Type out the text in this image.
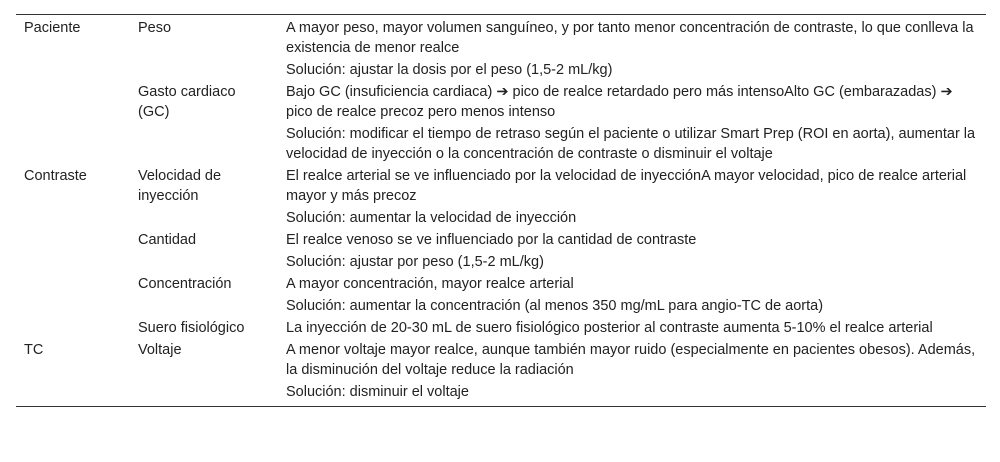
Paciente	Peso	A mayor peso, mayor volumen sanguíneo, y por tanto menor concentración de contraste, lo que conlleva la existencia de menor realce
		Solución: ajustar la dosis por el peso (1,5-2 mL/kg)
	Gasto cardiaco (GC)	Bajo GC (insuficiencia cardiaca) ➔ pico de realce retardado pero más intensoAlto GC (embarazadas) ➔ pico de realce precoz pero menos intenso
		Solución: modificar el tiempo de retraso según el paciente o utilizar Smart Prep (ROI en aorta), aumentar la velocidad de inyección o la concentración de contraste o disminuir el voltaje
Contraste	Velocidad de inyección	El realce arterial se ve influenciado por la velocidad de inyecciónA mayor velocidad, pico de realce arterial mayor y más precoz
		Solución: aumentar la velocidad de inyección
	Cantidad	El realce venoso se ve influenciado por la cantidad de contraste
		Solución: ajustar por peso (1,5-2 mL/kg)
	Concentración	A mayor concentración, mayor realce arterial
		Solución: aumentar la concentración (al menos 350 mg/mL para angio-TC de aorta)
	Suero fisiológico	La inyección de 20-30 mL de suero fisiológico posterior al contraste aumenta 5-10% el realce arterial
TC	Voltaje	A menor voltaje mayor realce, aunque también mayor ruido (especialmente en pacientes obesos). Además, la disminución del voltaje reduce la radiación
		Solución: disminuir el voltaje
